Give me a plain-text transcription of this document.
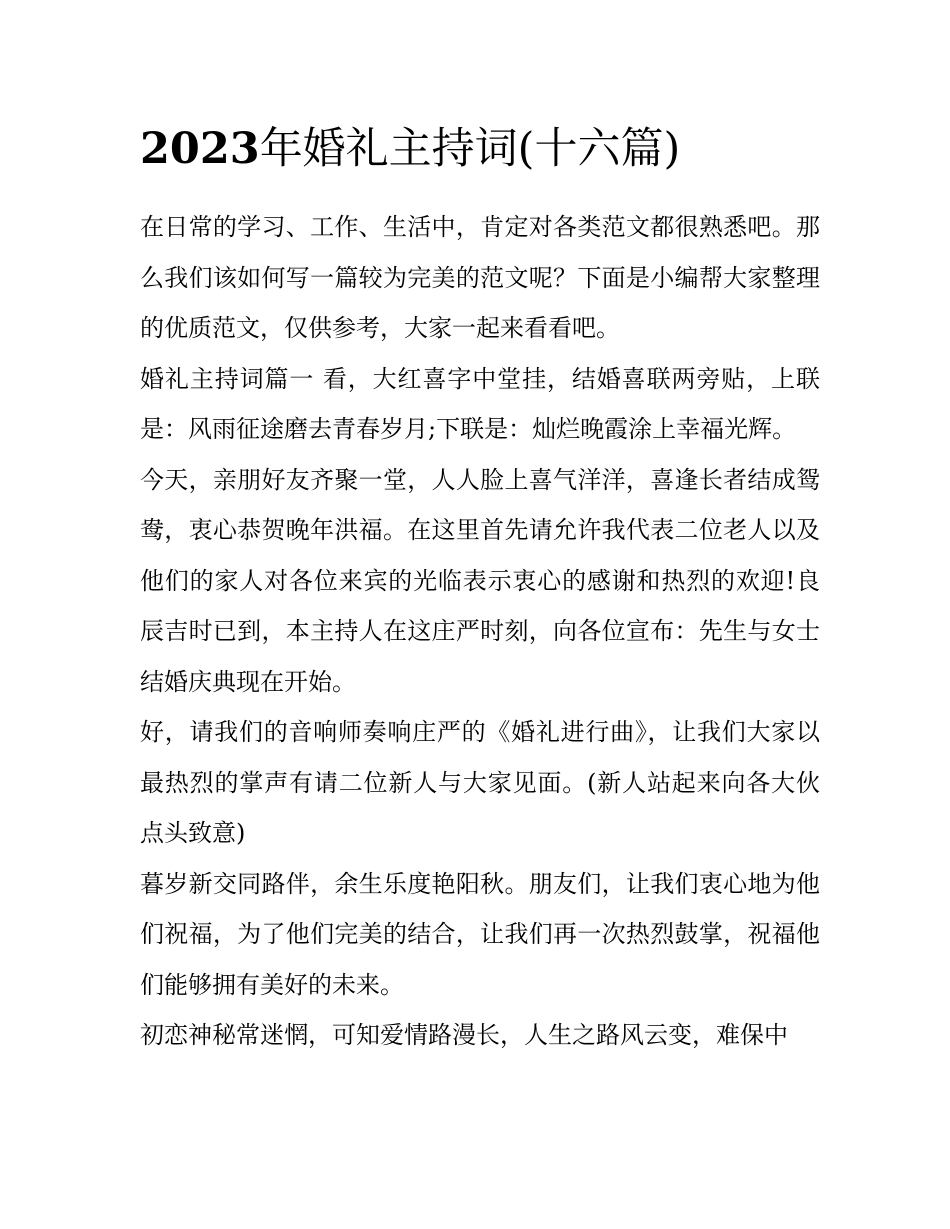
2023年婚礼主持词(十六篇)

在日常的学习、工作、生活中，肯定对各类范文都很熟悉吧。那么我们该如何写一篇较为完美的范文呢？下面是小编帮大家整理的优质范文，仅供参考，大家一起来看看吧。

婚礼主持词篇一 看，大红喜字中堂挂，结婚喜联两旁贴，上联是：风雨征途磨去青春岁月;下联是：灿烂晚霞涂上幸福光辉。

今天，亲朋好友齐聚一堂，人人脸上喜气洋洋，喜逢长者结成鸳鸯，衷心恭贺晚年洪福。在这里首先请允许我代表二位老人以及他们的家人对各位来宾的光临表示衷心的感谢和热烈的欢迎!良辰吉时已到，本主持人在这庄严时刻，向各位宣布：先生与女士结婚庆典现在开始。

好，请我们的音响师奏响庄严的《婚礼进行曲》，让我们大家以最热烈的掌声有请二位新人与大家见面。(新人站起来向各大伙点头致意)

暮岁新交同路伴，余生乐度艳阳秋。朋友们，让我们衷心地为他们祝福，为了他们完美的结合，让我们再一次热烈鼓掌，祝福他们能够拥有美好的未来。

初恋神秘常迷惘，可知爱情路漫长，人生之路风云变，难保中
